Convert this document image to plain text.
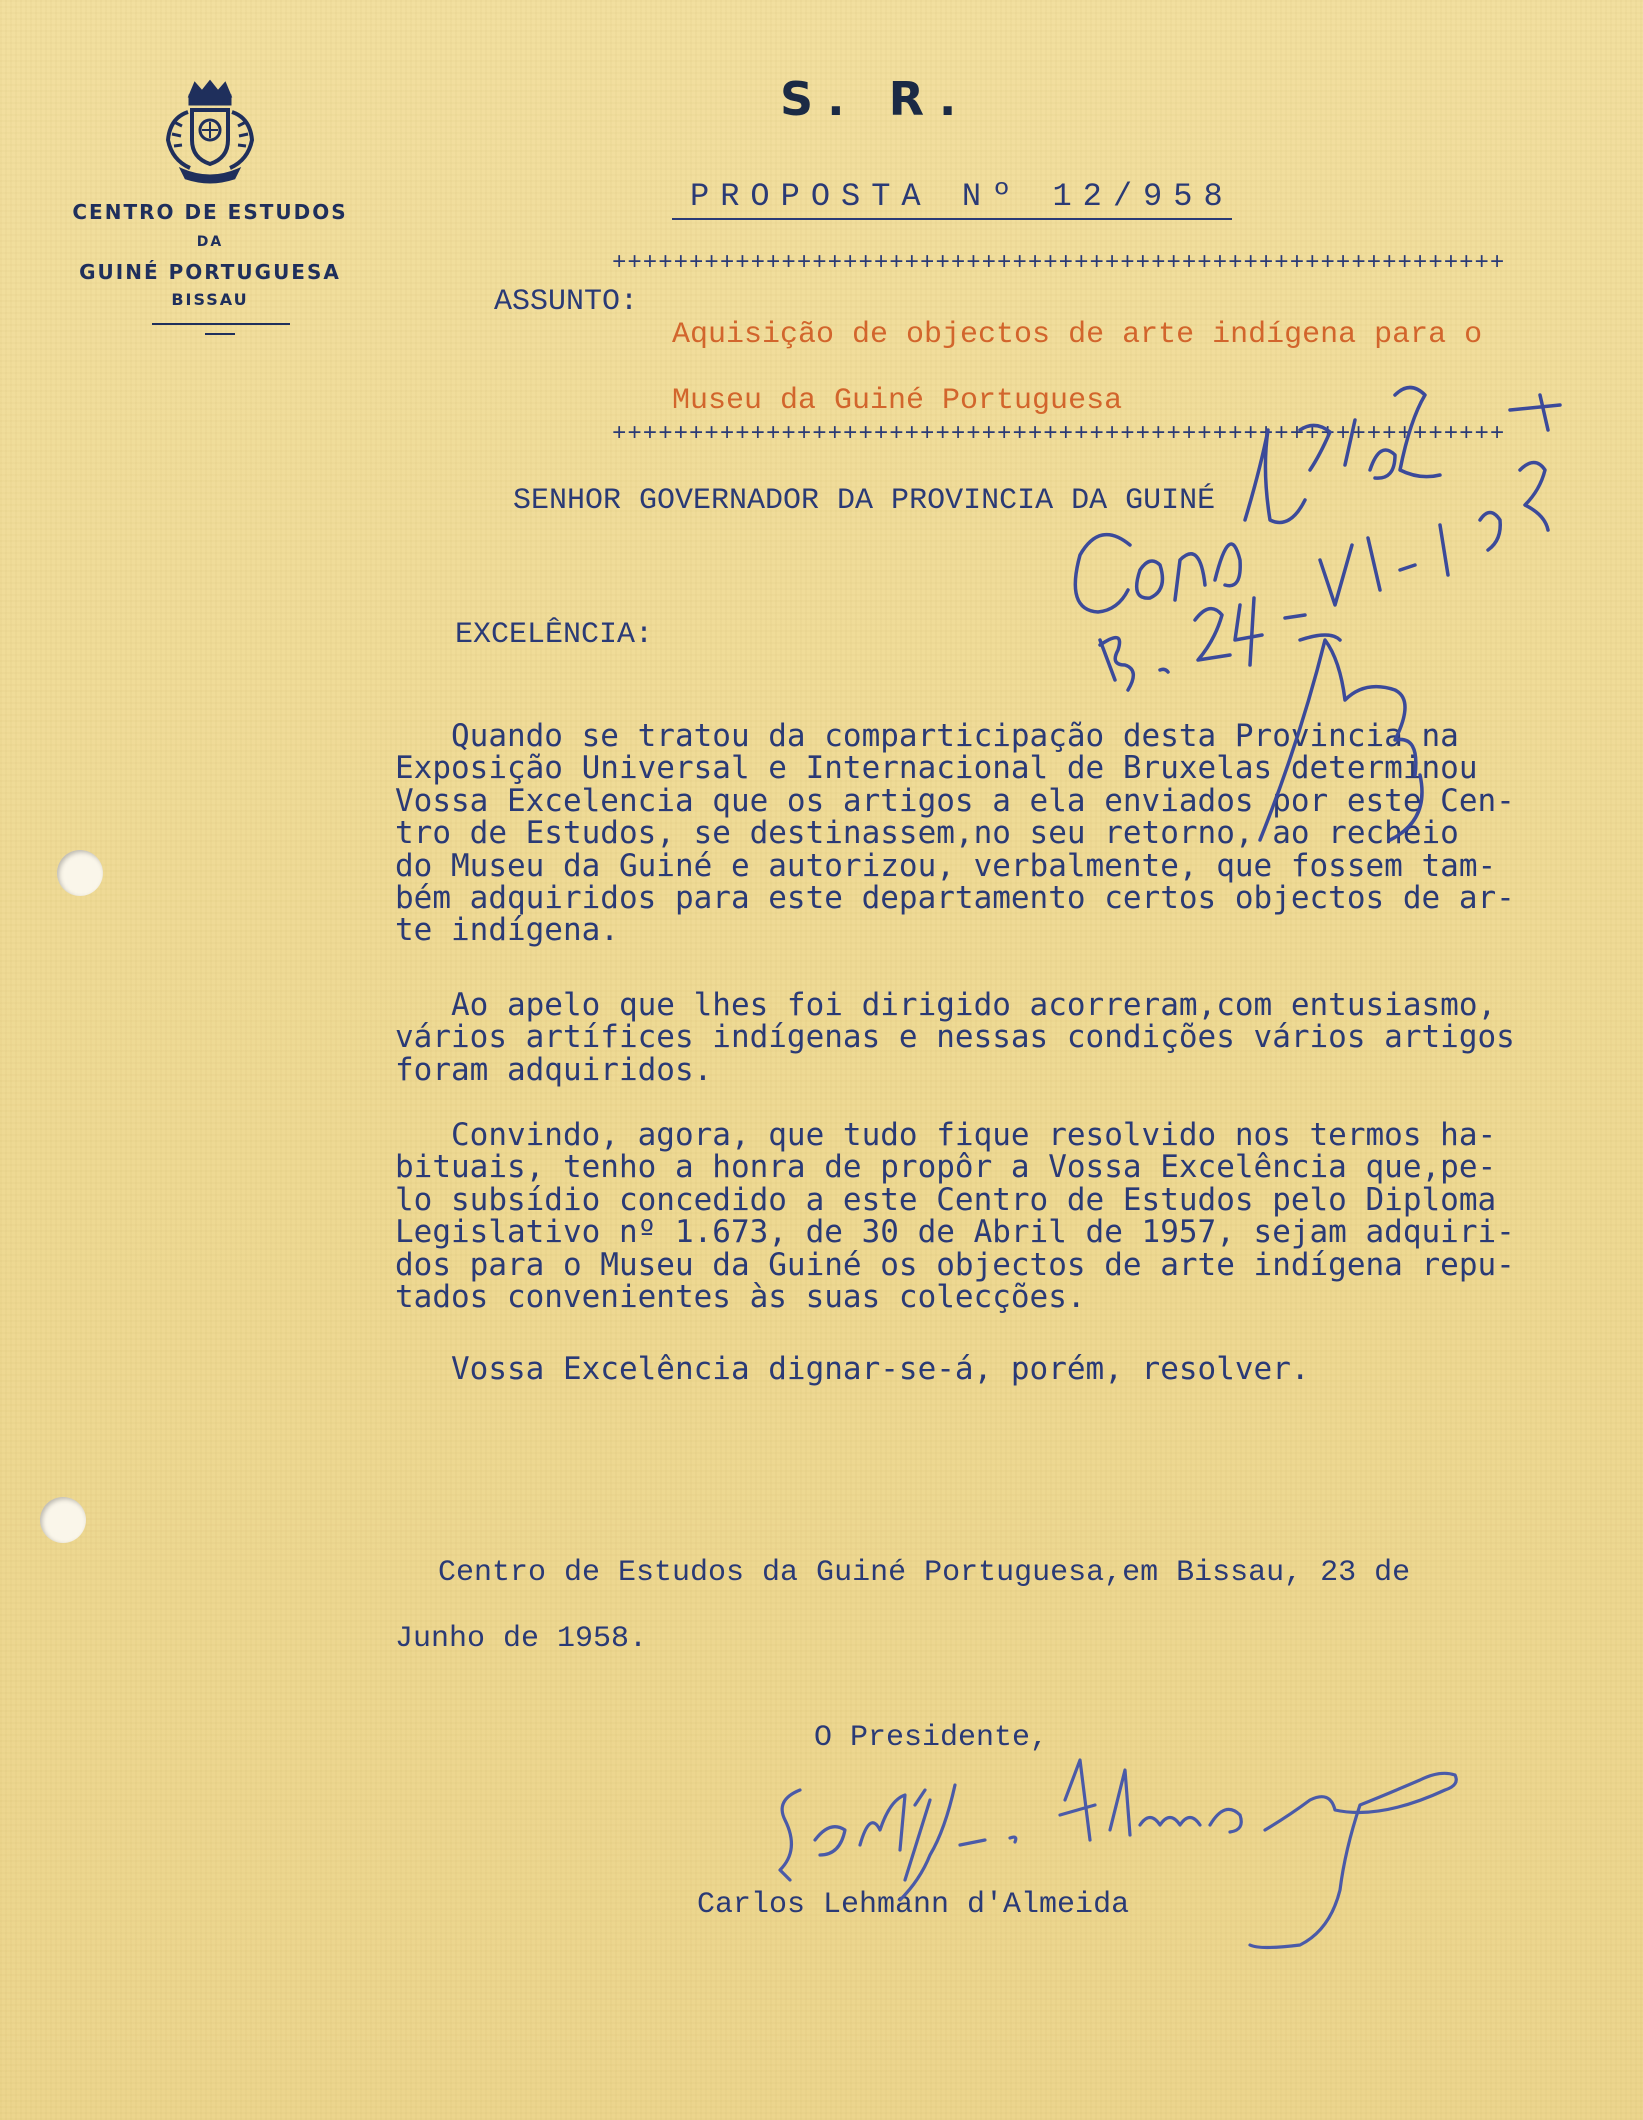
CENTRO DE ESTUDOS
DA
GUINÉ PORTUGUESA
BISSAU
S. R.
PROPOSTA Nº 12/958
++++++++++++++++++++++++++++++++++++++++++++++++++++++++++
ASSUNTO:
Aquisição de objectos de arte indígena para o
Museu da Guiné Portuguesa
++++++++++++++++++++++++++++++++++++++++++++++++++++++++++
SENHOR GOVERNADOR DA PROVINCIA DA GUINÉ
EXCELÊNCIA:
Quando se tratou da comparticipação desta Provincia na
Exposição Universal e Internacional de Bruxelas determinou
Vossa Excelencia que os artigos a ela enviados por este Cen-
tro de Estudos, se destinassem,no seu retorno, ao recheio
do Museu da Guiné e autorizou, verbalmente, que fossem tam-
bém adquiridos para este departamento certos objectos de ar-
te indígena.
Ao apelo que lhes foi dirigido acorreram,com entusiasmo,
vários artífices indígenas e nessas condições vários artigos
foram adquiridos.
Convindo, agora, que tudo fique resolvido nos termos ha-
bituais, tenho a honra de propôr a Vossa Excelência que,pe-
lo subsídio concedido a este Centro de Estudos pelo Diploma
Legislativo nº 1.673, de 30 de Abril de 1957, sejam adquiri-
dos para o Museu da Guiné os objectos de arte indígena repu-
tados convenientes às suas colecções.
Vossa Excelência dignar-se-á, porém, resolver.
Centro de Estudos da Guiné Portuguesa,em Bissau, 23 de
Junho de 1958.
O Presidente,
Carlos Lehmann d'Almeida
